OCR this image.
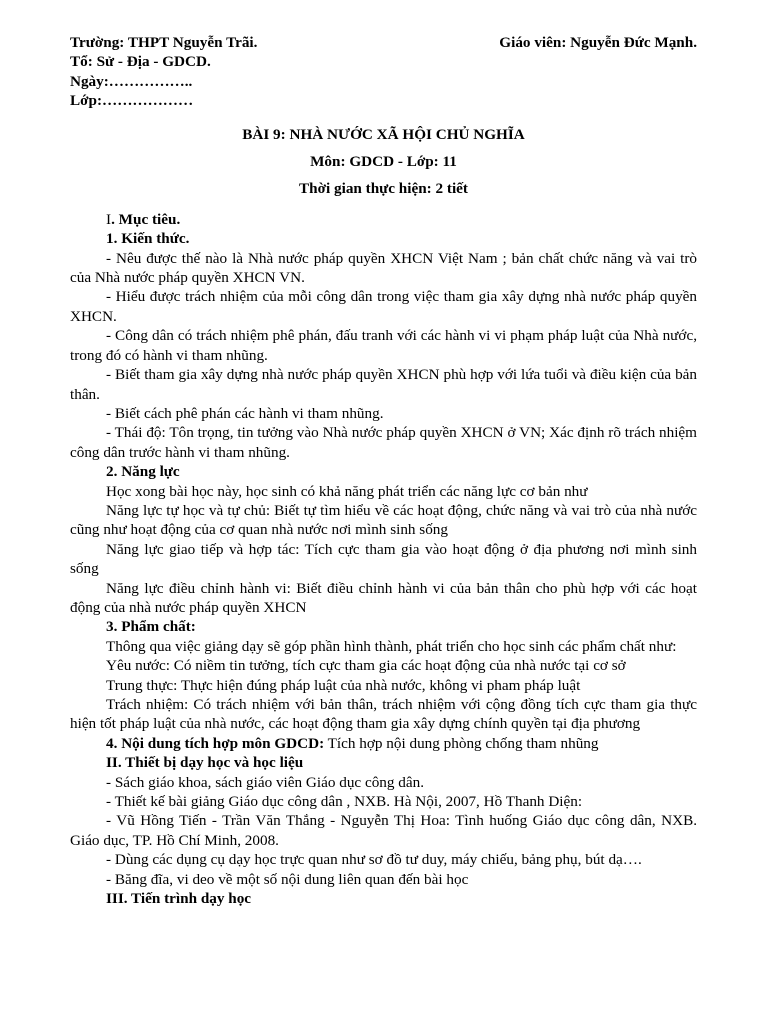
Trường: THPT Nguyễn Trãi.	Giáo viên: Nguyễn Đức Mạnh.
Tổ: Sử - Địa - GDCD.
Ngày:……………..
Lớp:………………
BÀI 9: NHÀ NƯỚC XÃ HỘI CHỦ NGHĨA
Môn: GDCD - Lớp: 11
Thời gian thực hiện: 2 tiết
I. Mục tiêu.
1. Kiến thức.

- Nêu được thế nào là Nhà nước pháp quyền XHCN Việt Nam ; bản chất chức năng và vai trò của Nhà nước pháp quyền XHCN VN.

- Hiểu được trách nhiệm của mỗi công dân trong việc tham gia xây dựng nhà nước pháp quyền XHCN.

- Công dân có trách nhiệm phê phán, đấu tranh với các hành vi vi phạm pháp luật của Nhà nước, trong đó có hành vi tham nhũng.

- Biết tham gia xây dựng nhà nước pháp quyền XHCN phù hợp với lứa tuổi và điều kiện của bản thân.

- Biết cách phê phán các hành vi tham nhũng.

- Thái độ: Tôn trọng, tin tưởng vào Nhà nước pháp quyền XHCN ở VN; Xác định rõ trách nhiệm công dân trước hành vi tham nhũng.

2. Năng lực

Học xong bài học này, học sinh có khả năng phát triển các năng lực cơ bản như

Năng lực tự học và tự chủ: Biết tự tìm hiểu về các hoạt động, chức năng và vai trò của nhà nước cũng như hoạt động của cơ quan nhà nước nơi mình sinh sống

Năng lực giao tiếp và hợp tác: Tích cực tham gia vào hoạt động ở địa phương nơi mình sinh sống

Năng lực điều chỉnh hành vi: Biết điều chỉnh hành vi của bản thân cho phù hợp với các hoạt động của nhà nước pháp quyền XHCN

3. Phẩm chất:

Thông qua việc giảng dạy sẽ góp phần hình thành, phát triển cho học sinh các phẩm chất như:

Yêu nước: Có niềm tin tưởng, tích cực tham gia các hoạt động của nhà nước tại cơ sở

Trung thực: Thực hiện đúng pháp luật của nhà nước, không vi pham pháp luật

Trách nhiệm: Có trách nhiệm với bản thân, trách nhiệm với cộng đồng tích cực tham gia thực hiện tốt pháp luật của nhà nước, các hoạt động tham gia xây dựng chính quyền tại địa phương

4. Nội dung tích hợp môn GDCD: Tích hợp nội dung phòng chống tham nhũng

II. Thiết bị dạy học và học liệu

- Sách giáo khoa, sách giáo viên Giáo dục công dân.

- Thiết kế bài giảng Giáo dục công dân , NXB. Hà Nội, 2007, Hồ Thanh Diện:

- Vũ Hồng Tiến - Trần Văn Thắng - Nguyễn Thị Hoa: Tình huống Giáo dục công dân, NXB. Giáo dục, TP. Hồ Chí Minh, 2008.

- Dùng các dụng cụ dạy học trực quan như sơ đồ tư duy, máy chiếu, bảng phụ, bút dạ….

- Băng đĩa, vi deo về một số nội dung liên quan đến bài học

III. Tiến trình dạy học
